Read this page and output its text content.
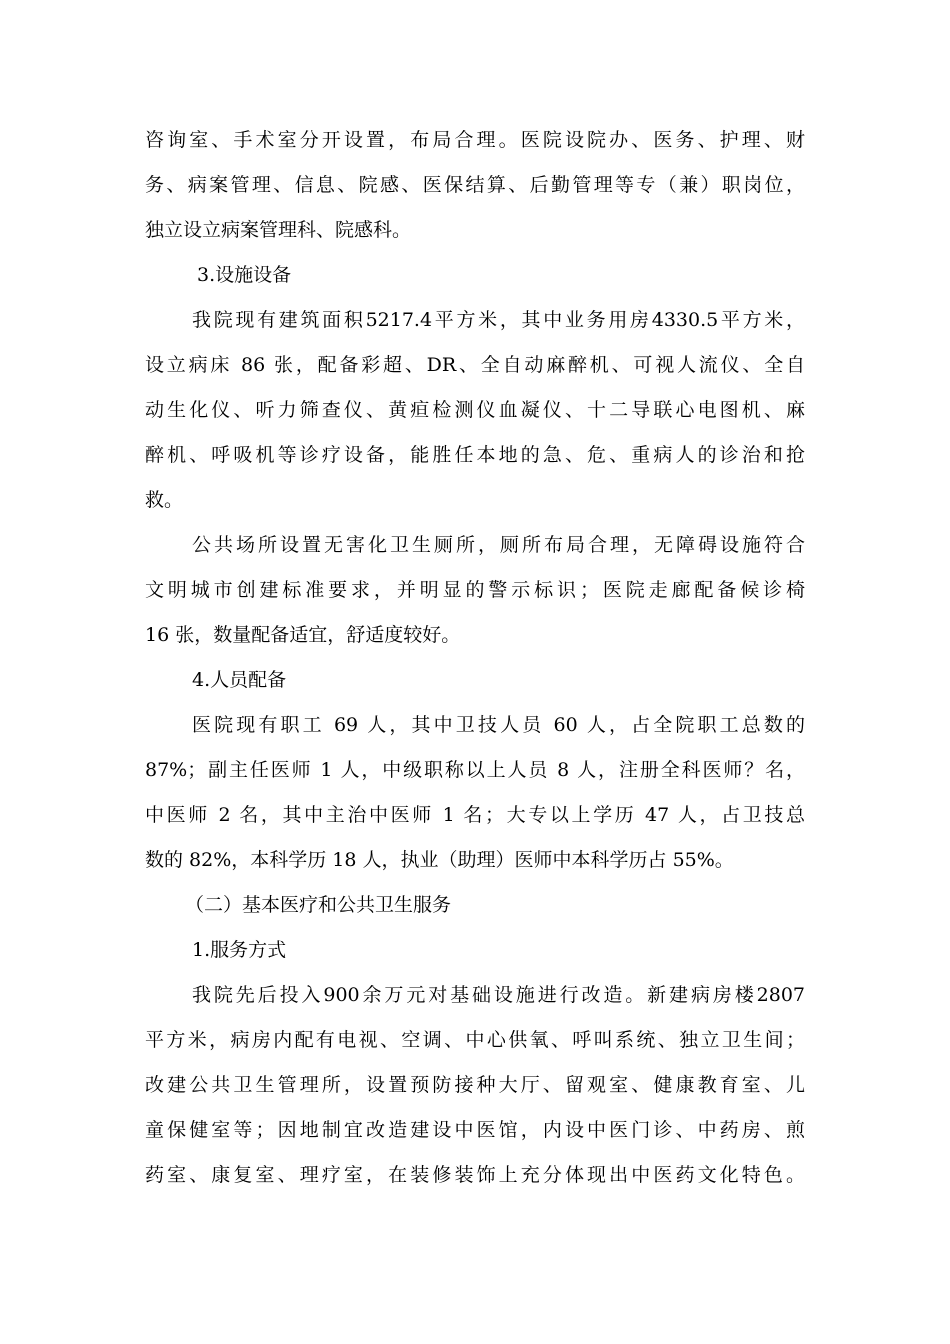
咨询室、手术室分开设置，布局合理。医院设院办、医务、护理、财
务、病案管理、信息、院感、医保结算、后勤管理等专（兼）职岗位，
独立设立病案管理科、院感科。
3.设施设备
我院现有建筑面积5217.4平方米，其中业务用房4330.5平方米，
设立病床 86 张，配备彩超、DR、全自动麻醉机、可视人流仪、全自
动生化仪、听力筛查仪、黄疸检测仪血凝仪、十二导联心电图机、麻
醉机、呼吸机等诊疗设备，能胜任本地的急、危、重病人的诊治和抢
救。
公共场所设置无害化卫生厕所，厕所布局合理，无障碍设施符合
文明城市创建标准要求，并明显的警示标识；医院走廊配备候诊椅
16 张，数量配备适宜，舒适度较好。
4.人员配备
医院现有职工 69 人，其中卫技人员 60 人，占全院职工总数的
87%；副主任医师 1 人，中级职称以上人员 8 人，注册全科医师？名，
中医师 2 名，其中主治中医师 1 名；大专以上学历 47 人，占卫技总
数的 82%，本科学历 18 人，执业（助理）医师中本科学历占 55%。
（二）基本医疗和公共卫生服务
1.服务方式
我院先后投入900余万元对基础设施进行改造。新建病房楼2807
平方米，病房内配有电视、空调、中心供氧、呼叫系统、独立卫生间；
改建公共卫生管理所，设置预防接种大厅、留观室、健康教育室、儿
童保健室等；因地制宜改造建设中医馆，内设中医门诊、中药房、煎
药室、康复室、理疗室，在装修装饰上充分体现出中医药文化特色。
